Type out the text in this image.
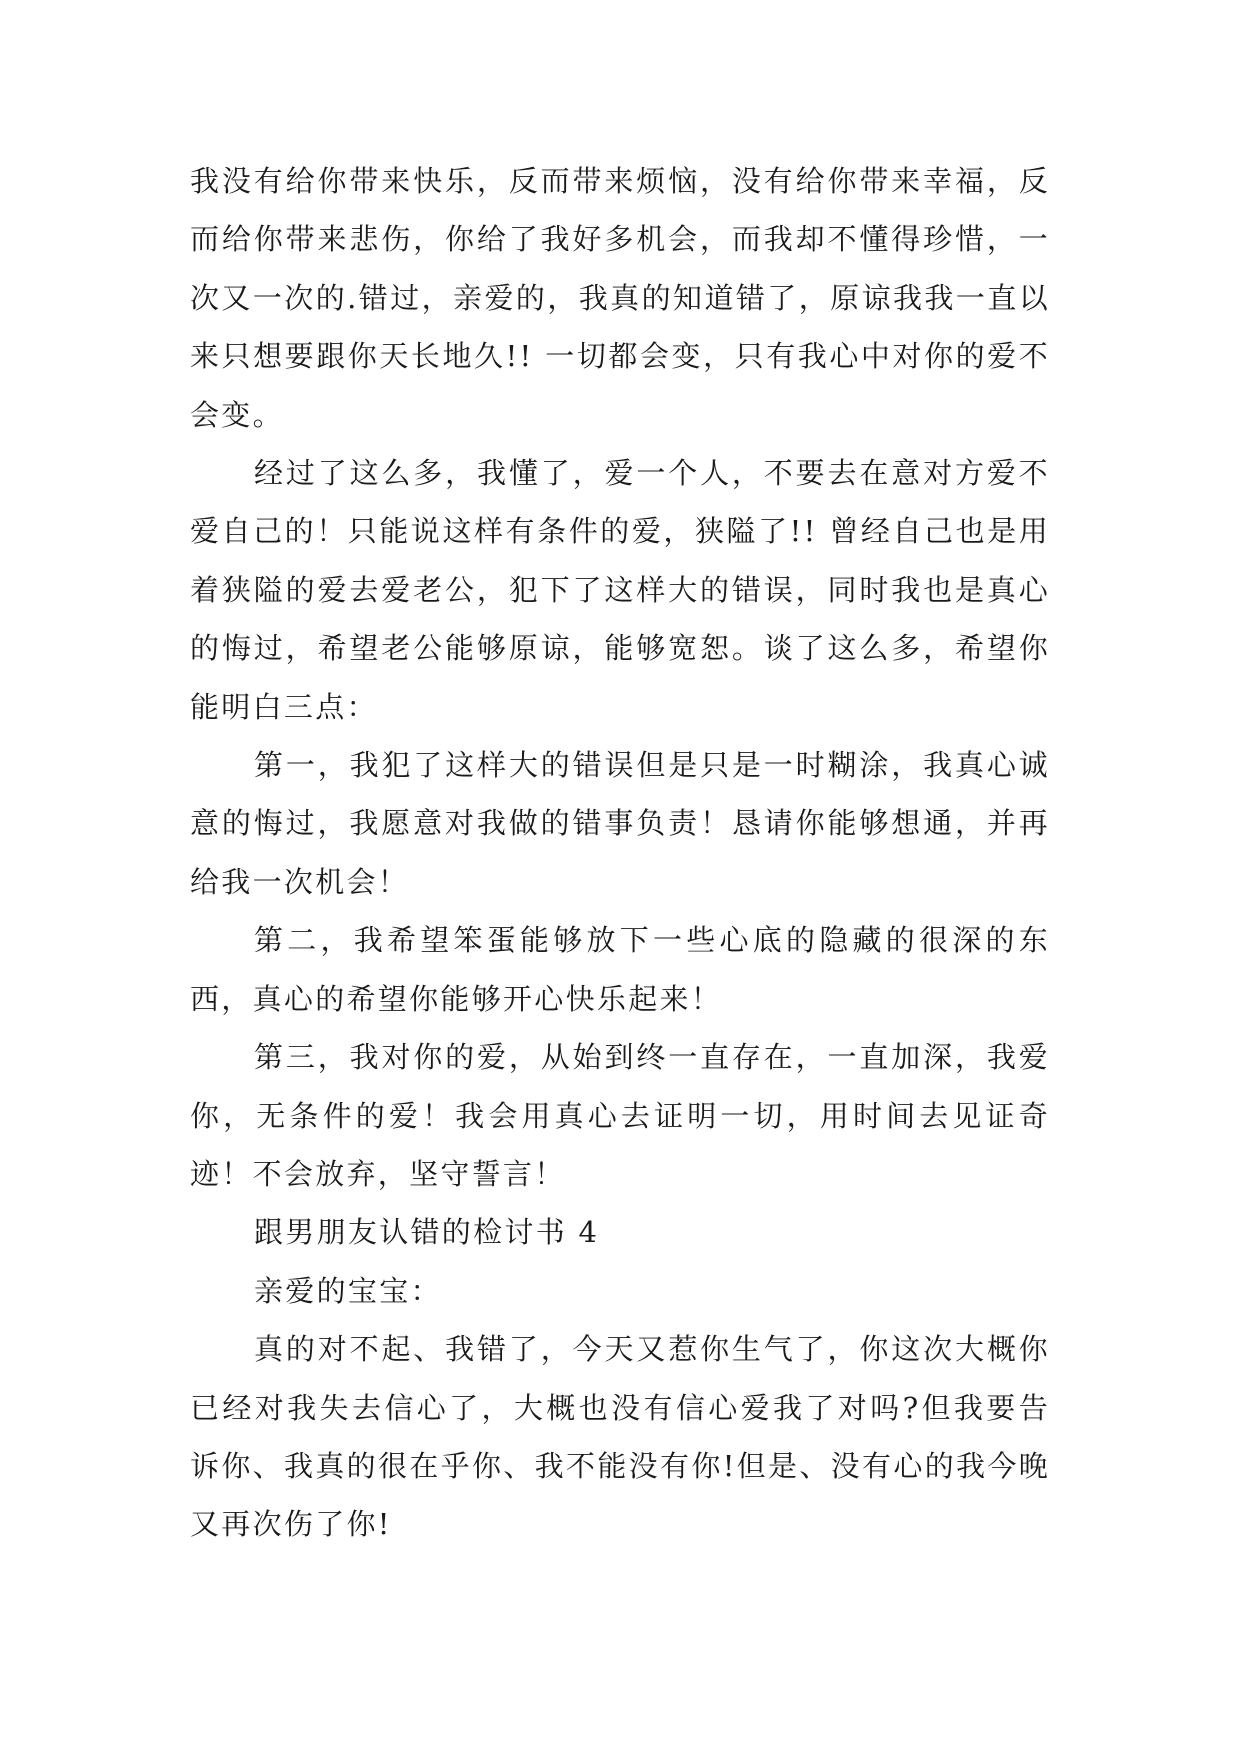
我没有给你带来快乐，反而带来烦恼，没有给你带来幸福，反而给你带来悲伤，你给了我好多机会，而我却不懂得珍惜，一次又一次的.错过，亲爱的，我真的知道错了，原谅我我一直以来只想要跟你天长地久!! 一切都会变，只有我心中对你的爱不会变。

经过了这么多，我懂了，爱一个人，不要去在意对方爱不爱自己的！只能说这样有条件的爱，狭隘了!! 曾经自己也是用着狭隘的爱去爱老公，犯下了这样大的错误，同时我也是真心的悔过，希望老公能够原谅，能够宽恕。谈了这么多，希望你能明白三点：

第一，我犯了这样大的错误但是只是一时糊涂，我真心诚意的悔过，我愿意对我做的错事负责！恳请你能够想通，并再给我一次机会！

第二，我希望笨蛋能够放下一些心底的隐藏的很深的东西，真心的希望你能够开心快乐起来！

第三，我对你的爱，从始到终一直存在，一直加深，我爱你，无条件的爱！我会用真心去证明一切，用时间去见证奇迹！不会放弃，坚守誓言！

跟男朋友认错的检讨书 4

亲爱的宝宝：

真的对不起、我错了，今天又惹你生气了，你这次大概你已经对我失去信心了，大概也没有信心爱我了对吗?但我要告诉你、我真的很在乎你、我不能没有你!但是、没有心的我今晚又再次伤了你!
